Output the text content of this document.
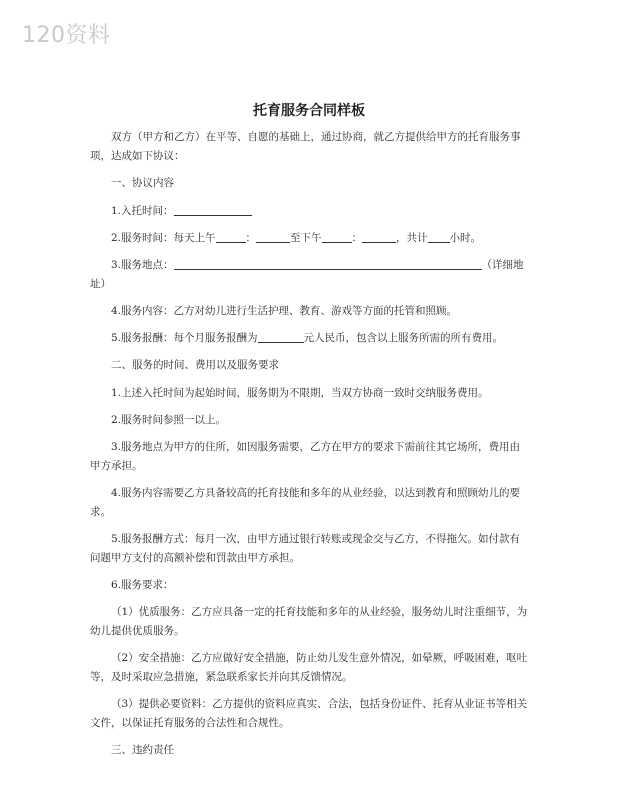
120资料
托育服务合同样板

双方（甲方和乙方）在平等、自愿的基础上，通过协商，就乙方提供给甲方的托育服务事项，达成如下协议：

一、协议内容

1.入托时间：

2.服务时间：每天上午	：	至下午	：	，共计 小时。

3.服务地点：	（详细地址）

4.服务内容：乙方对幼儿进行生活护理、教育、游戏等方面的托管和照顾。

5.服务报酬：每个月服务报酬为	元人民币，包含以上服务所需的所有费用。

二、服务的时间、费用以及服务要求

1.上述入托时间为起始时间，服务期为不限期，当双方协商一致时交纳服务费用。

2.服务时间参照一以上。

3.服务地点为甲方的住所，如因服务需要，乙方在甲方的要求下需前往其它场所，费用由甲方承担。

4.服务内容需要乙方具备较高的托育技能和多年的从业经验，以达到教育和照顾幼儿的要求。

5.服务报酬方式：每月一次，由甲方通过银行转账或现金交与乙方，不得拖欠。如付款有问题甲方支付的高额补偿和罚款由甲方承担。

6.服务要求：

（1）优质服务：乙方应具备一定的托育技能和多年的从业经验，服务幼儿时注重细节，为幼儿提供优质服务。

（2）安全措施：乙方应做好安全措施，防止幼儿发生意外情况，如晕厥，呼吸困难，呕吐等，及时采取应急措施，紧急联系家长并向其反馈情况。

（3）提供必要资料：乙方提供的资料应真实、合法，包括身份证件、托育从业证书等相关文件，以保证托育服务的合法性和合规性。

三、违约责任
